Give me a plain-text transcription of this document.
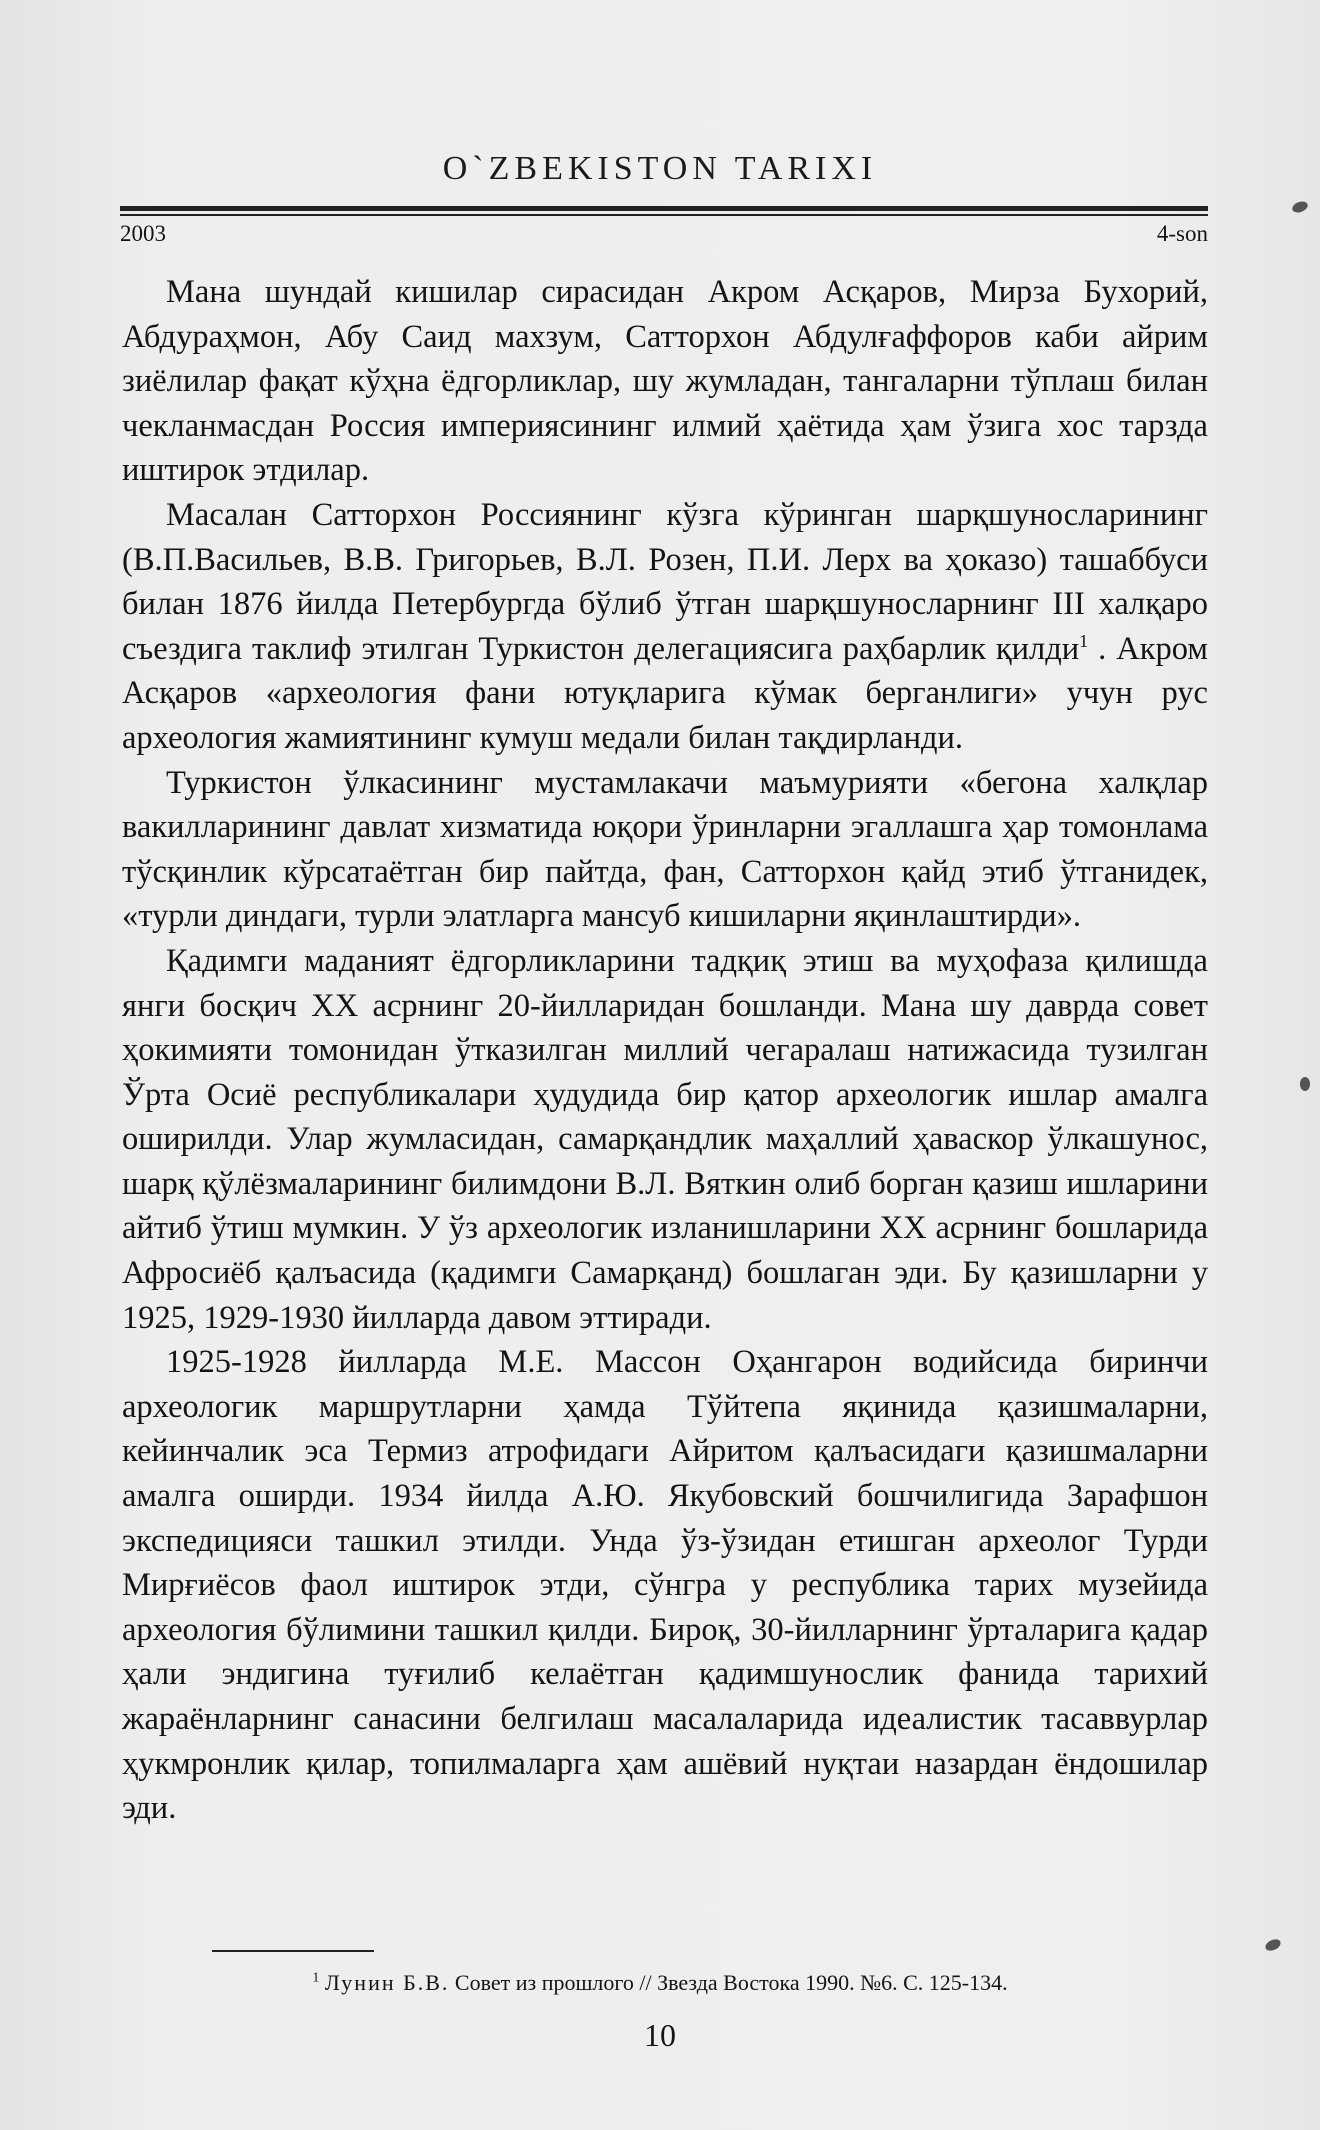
O`ZBEKISTON TARIXI
2003	4-son

Мана шундай кишилар сирасидан Акром Асқаров, Мирза Бухорий, Абдураҳмон, Абу Саид махзум, Сатторхон Абдулғаффоров каби айрим зиёлилар фақат кўҳна ёдгорликлар, шу жумладан, тангаларни тўплаш билан чекланмасдан Россия империясининг илмий ҳаётида ҳам ўзига хос тарзда иштирок этдилар.

Масалан Сатторхон Россиянинг кўзга кўринган шарқшуносларининг (В.П.Васильев, В.В. Григорьев, В.Л. Розен, П.И. Лерх ва ҳоказо) ташаббуси билан 1876 йилда Петербургда бўлиб ўтган шарқшуносларнинг III халқаро съездига таклиф этилган Туркистон делегациясига раҳбарлик қилди$^1$ . Акром Асқаров «археология фани ютуқларига кўмак берганлиги» учун рус археология жамиятининг кумуш медали билан тақдирланди.

Туркистон ўлкасининг мустамлакачи маъмурияти «бегона халқлар вакилларининг давлат хизматида юқори ўринларни эгаллашга ҳар томонлама тўсқинлик кўрсатаётган бир пайтда, фан, Сатторхон қайд этиб ўтганидек, «турли диндаги, турли элатларга мансуб кишиларни яқинлаштирди».

Қадимги маданият ёдгорликларини тадқиқ этиш ва муҳофаза қилишда янги босқич XX асрнинг 20-йилларидан бошланди. Мана шу даврда совет ҳокимияти томонидан ўтказилган миллий чегаралаш натижасида тузилган Ўрта Осиё республикалари ҳудудида бир қатор археологик ишлар амалга оширилди. Улар жумласидан, самарқандлик маҳаллий ҳаваскор ўлкашунос, шарқ қўлёзмаларининг билимдони В.Л. Вяткин олиб борган қазиш ишларини айтиб ўтиш мумкин. У ўз археологик изланишларини XX асрнинг бошларида Афросиёб қалъасида (қадимги Самарқанд) бошлаган эди. Бу қазишларни у 1925, 1929-1930 йилларда давом эттиради.

1925-1928 йилларда М.Е. Массон Оҳангарон водийсида биринчи археологик маршрутларни ҳамда Тўйтепа яқинида қазишмаларни, кейинчалик эса Термиз атрофидаги Айритом қалъасидаги қазишмаларни амалга оширди. 1934 йилда А.Ю. Якубовский бошчилигида Зарафшон экспедицияси ташкил этилди. Унда ўз-ўзидан етишган археолог Турди Мирғиёсов фаол иштирок этди, сўнгра у республика тарих музейида археология бўлимини ташкил қилди. Бироқ, 30-йилларнинг ўрталарига қадар ҳали эндигина туғилиб келаётган қадимшунослик фанида тарихий жараёнларнинг санасини белгилаш масалаларида идеалистик тасаввурлар ҳукмронлик қилар, топилмаларга ҳам ашёвий нуқтаи назардан ёндошилар эди.

$^1$ Лунин Б.В. Совет из прошлого // Звезда Востока 1990. №6. С. 125-134.
10
